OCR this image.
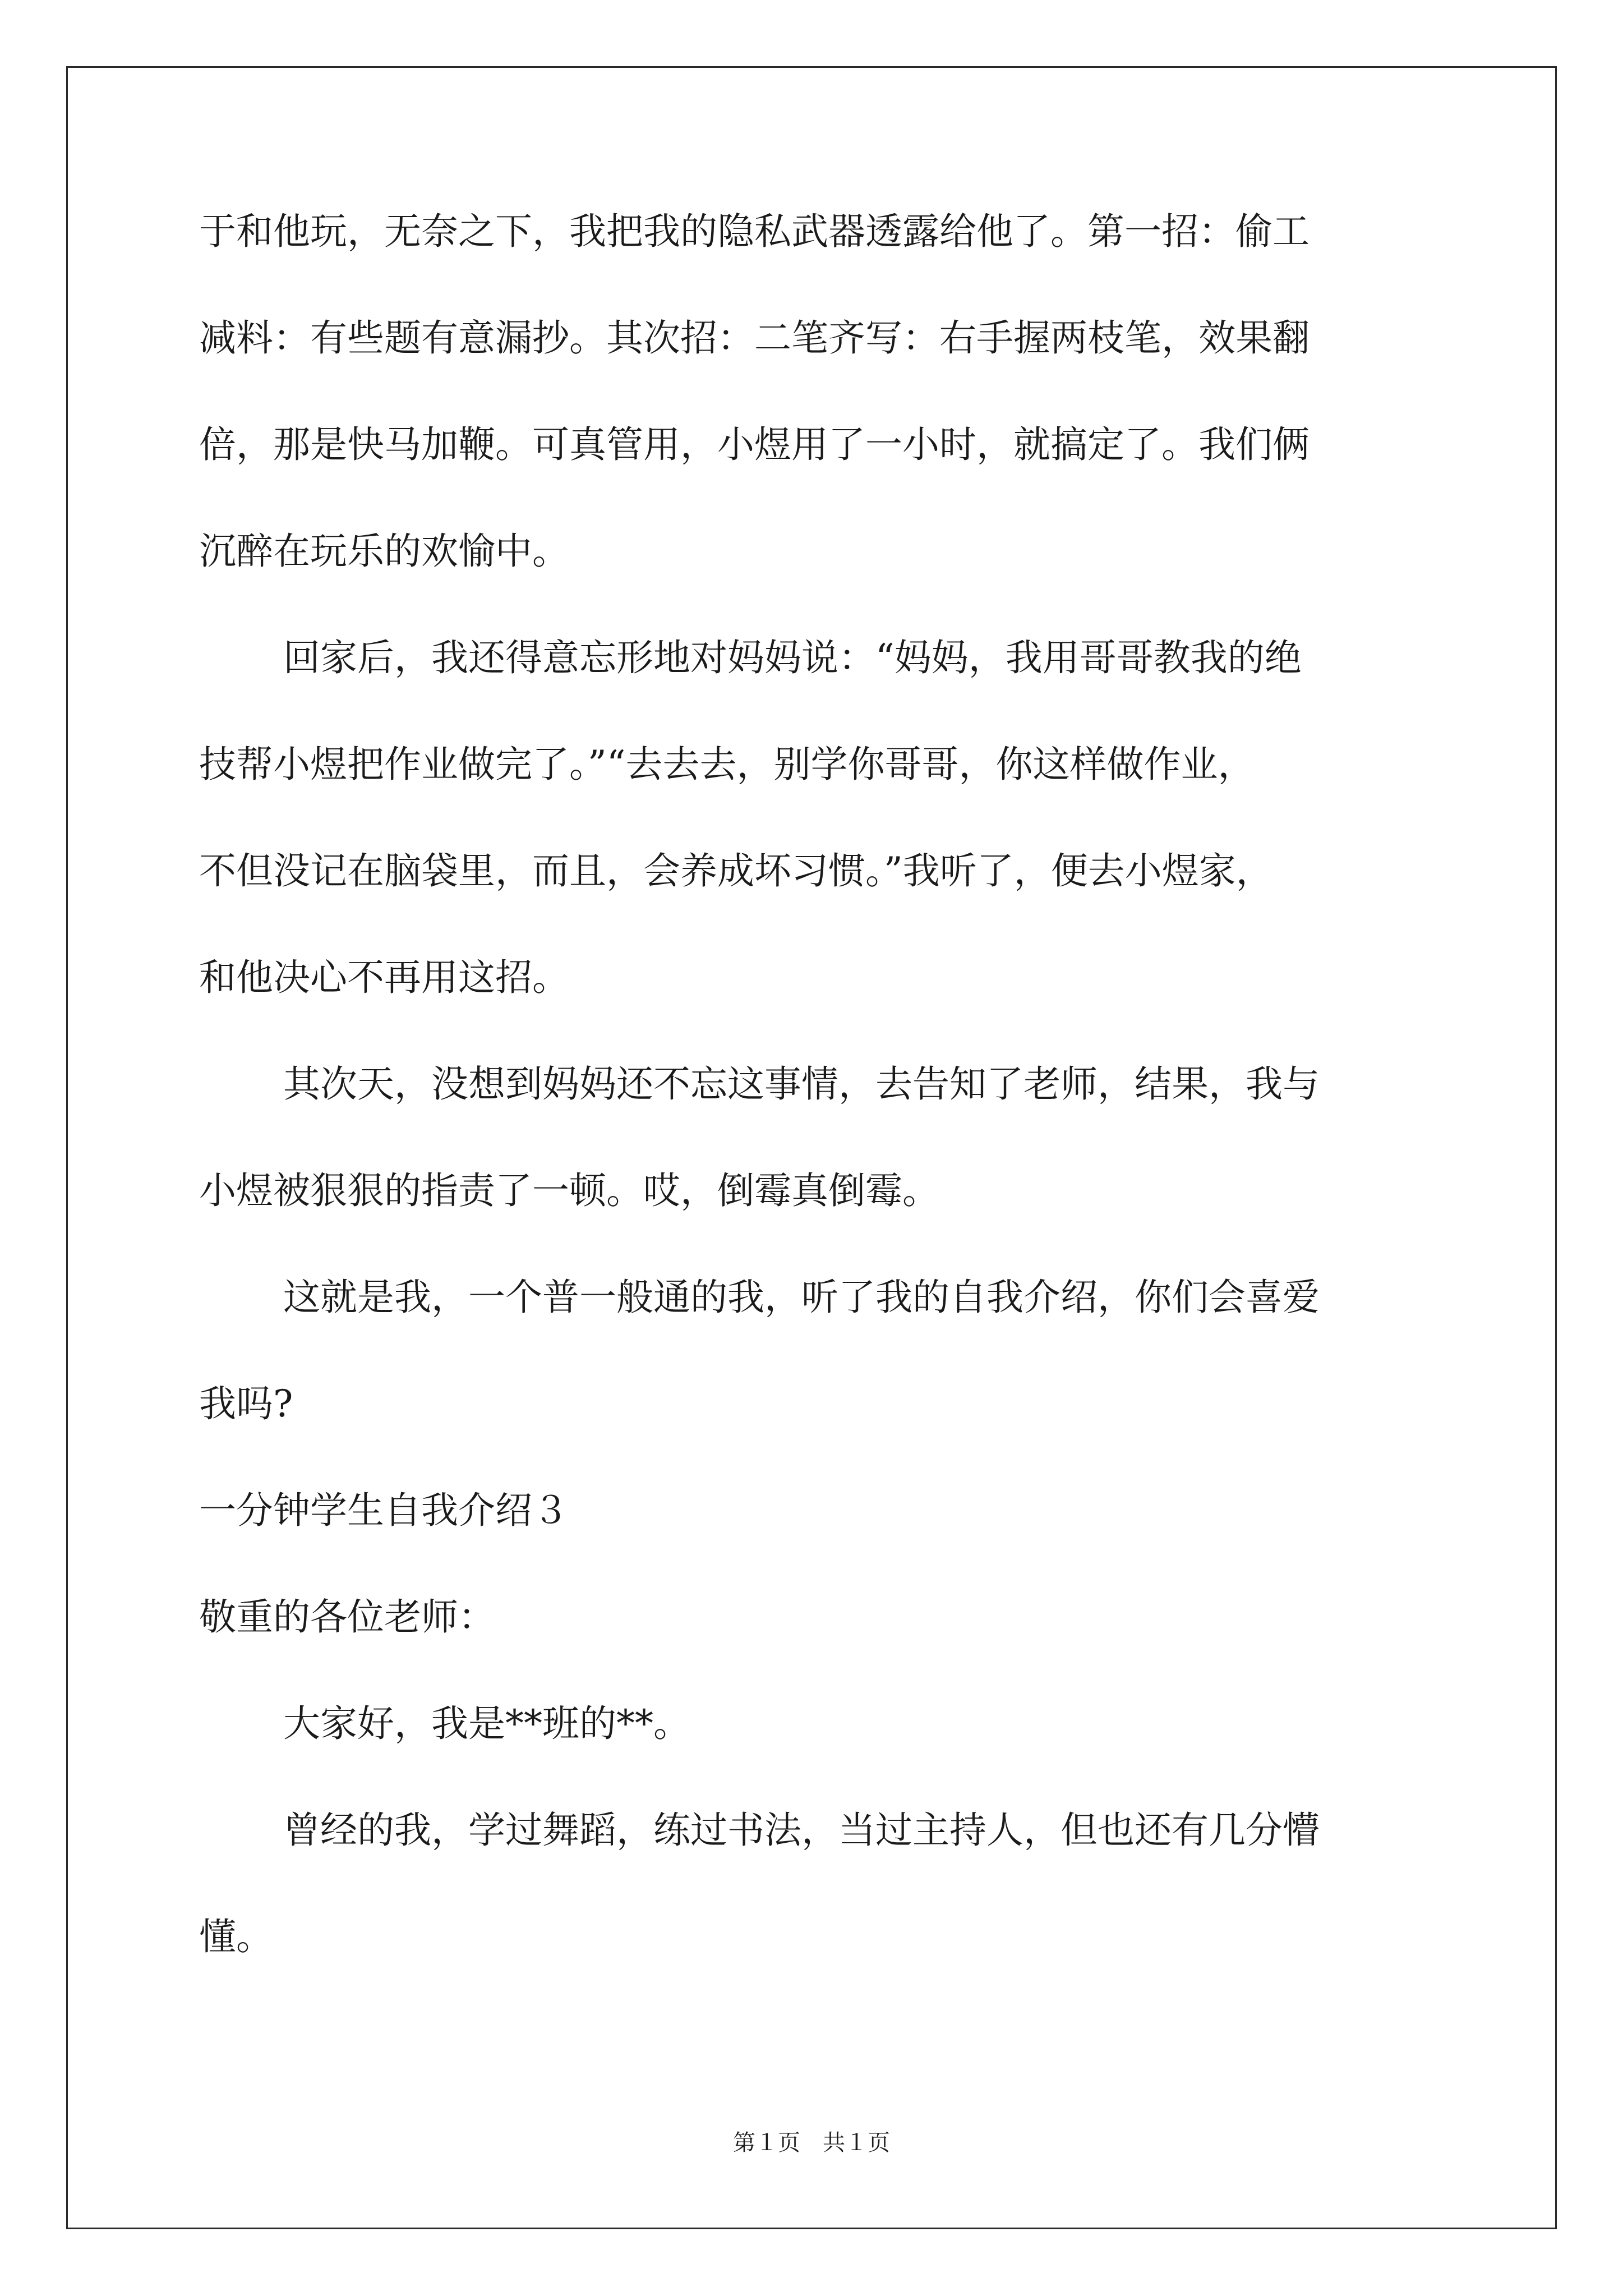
于和他玩，无奈之下，我把我的隐私武器透露给他了。第一招：偷工
减料：有些题有意漏抄。其次招：二笔齐写：右手握两枝笔，效果翻
倍，那是快马加鞭。可真管用，小煜用了一小时，就搞定了。我们俩
沉醉在玩乐的欢愉中。
回家后，我还得意忘形地对妈妈说：“妈妈，我用哥哥教我的绝
技帮小煜把作业做完了。”“去去去，别学你哥哥，你这样做作业，
不但没记在脑袋里，而且，会养成坏习惯。”我听了，便去小煜家，
和他决心不再用这招。
其次天，没想到妈妈还不忘这事情，去告知了老师，结果，我与
小煜被狠狠的指责了一顿。哎，倒霉真倒霉。
这就是我，一个普一般通的我，听了我的自我介绍，你们会喜爱
我吗?
一分钟学生自我介绍３
敬重的各位老师：
大家好，我是**班的**。
曾经的我，学过舞蹈，练过书法，当过主持人，但也还有几分懵
懂。
第１页　共１页
